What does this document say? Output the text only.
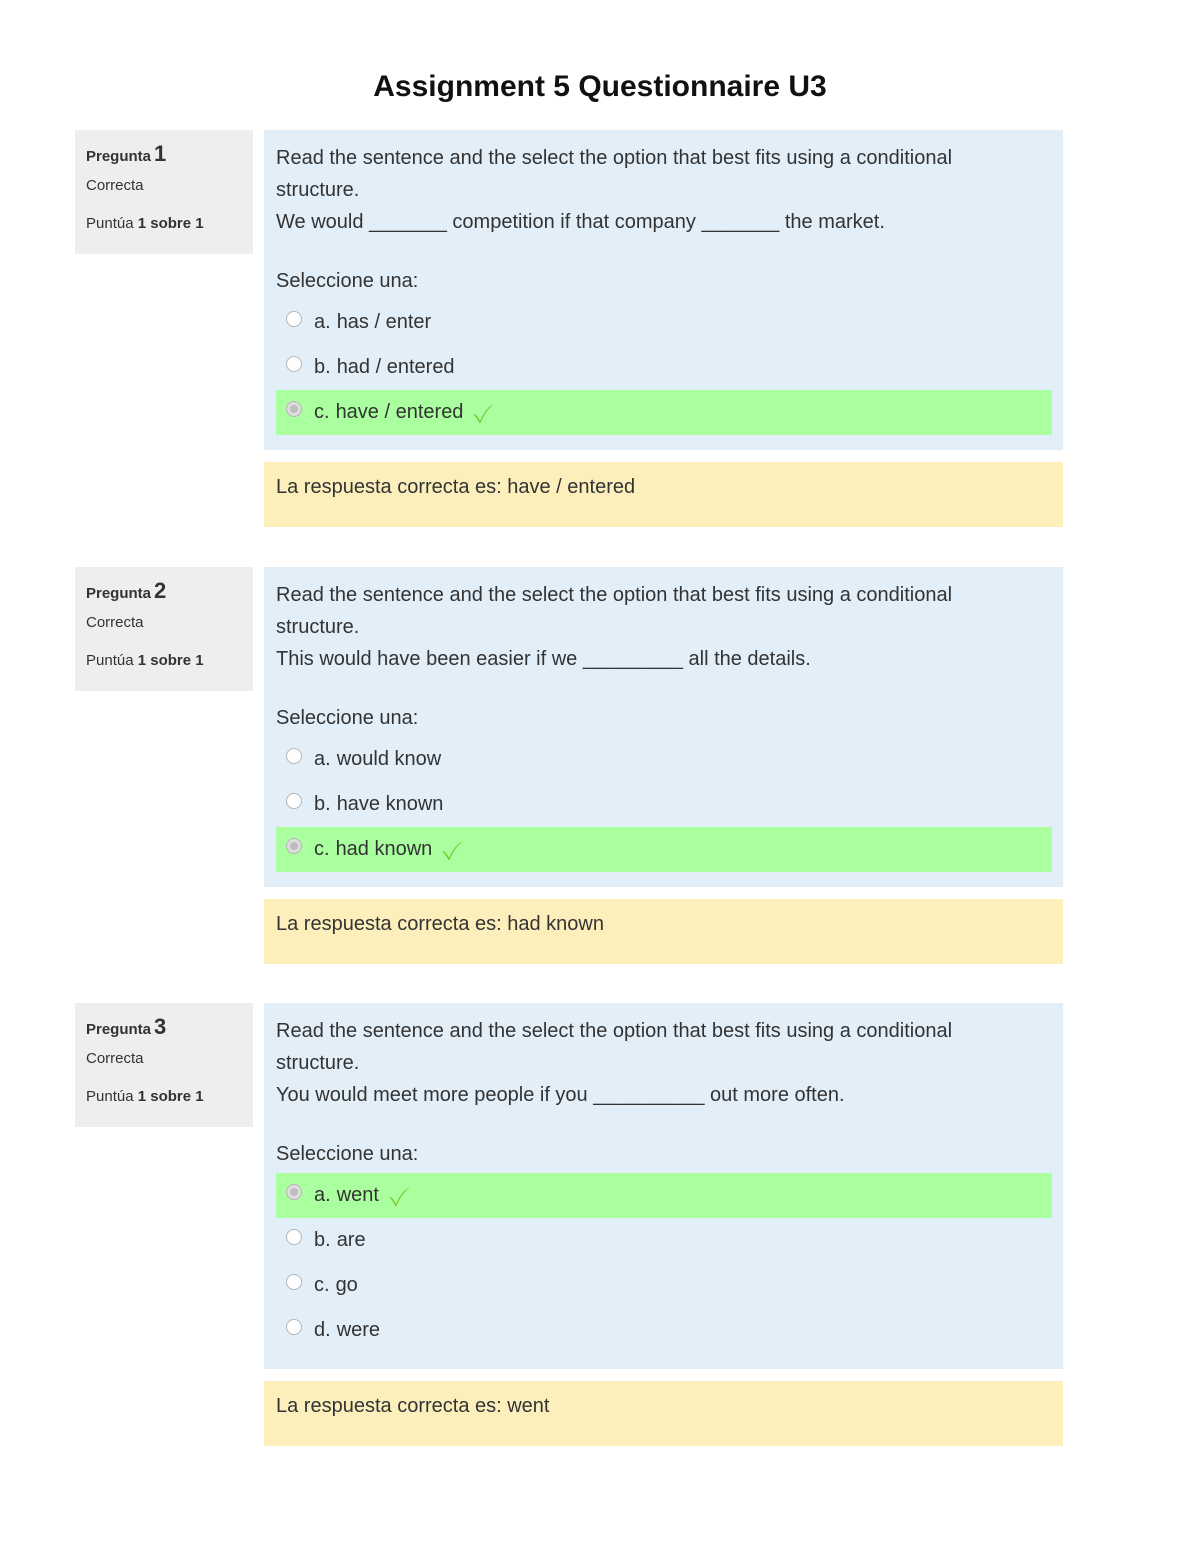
Assignment 5 Questionnaire U3
Pregunta 1
Correcta
Puntúa 1 sobre 1

Read the sentence and the select the option that best fits using a conditional

structure.

We would _______ competition if that company _______ the market.

Seleccione una:
a. has / enter
b. had / entered
c. have / entered
La respuesta correcta es: have / entered
Pregunta 2
Correcta
Puntúa 1 sobre 1

Read the sentence and the select the option that best fits using a conditional

structure.

This would have been easier if we _________ all the details.

Seleccione una:
a. would know
b. have known
c. had known
La respuesta correcta es: had known
Pregunta 3
Correcta
Puntúa 1 sobre 1

Read the sentence and the select the option that best fits using a conditional

structure.

You would meet more people if you __________ out more often.

Seleccione una:
a. went
b. are
c. go
d. were
La respuesta correcta es: went
